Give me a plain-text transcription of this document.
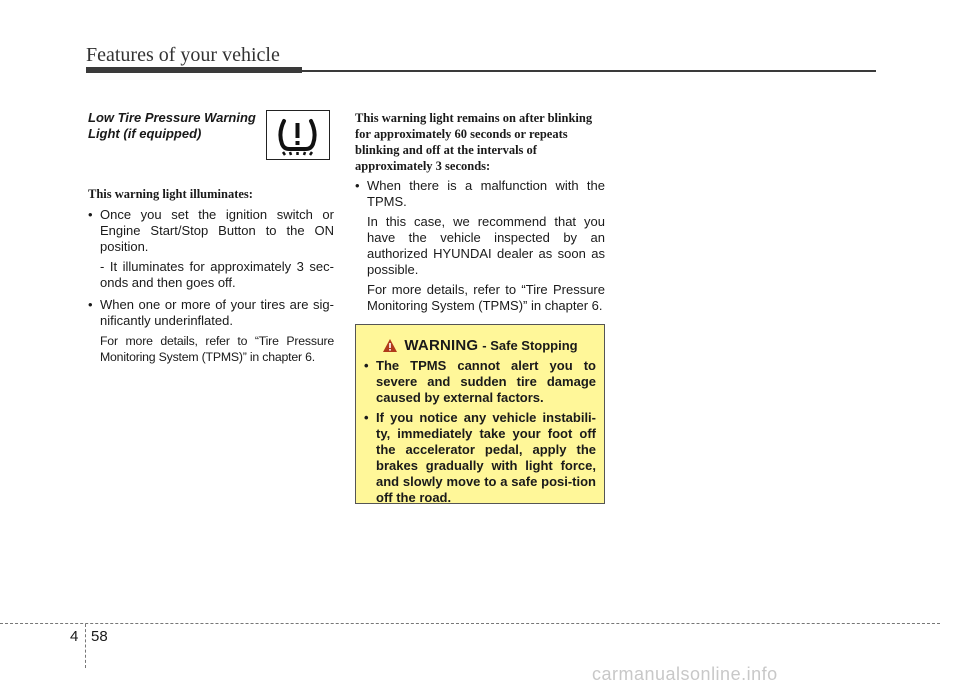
Features of your vehicle
Low Tire Pressure Warning Light (if equipped)
This warning light illuminates:
• Once you set the ignition switch or Engine Start/Stop Button to the ON position.
- It illuminates for approximately 3 sec-onds and then goes off.
• When one or more of your tires are sig-nificantly underinflated.
For more details, refer to “Tire Pressure Monitoring System (TPMS)” in chapter 6.
This warning light remains on after blinking for approximately 60 seconds or repeats blinking and off at the intervals of approximately 3 seconds:
• When there is a malfunction with the TPMS.
In this case, we recommend that you have the vehicle inspected by an authorized HYUNDAI dealer as soon as possible.
For more details, refer to “Tire Pressure Monitoring System (TPMS)” in chapter 6.
WARNING - Safe Stopping
• The TPMS cannot alert you to severe and sudden tire damage caused by external factors.
• If you notice any vehicle instabili-ty, immediately take your foot off the accelerator pedal, apply the brakes gradually with light force, and slowly move to a safe posi-tion off the road.
4 58
carmanualsonline.info
